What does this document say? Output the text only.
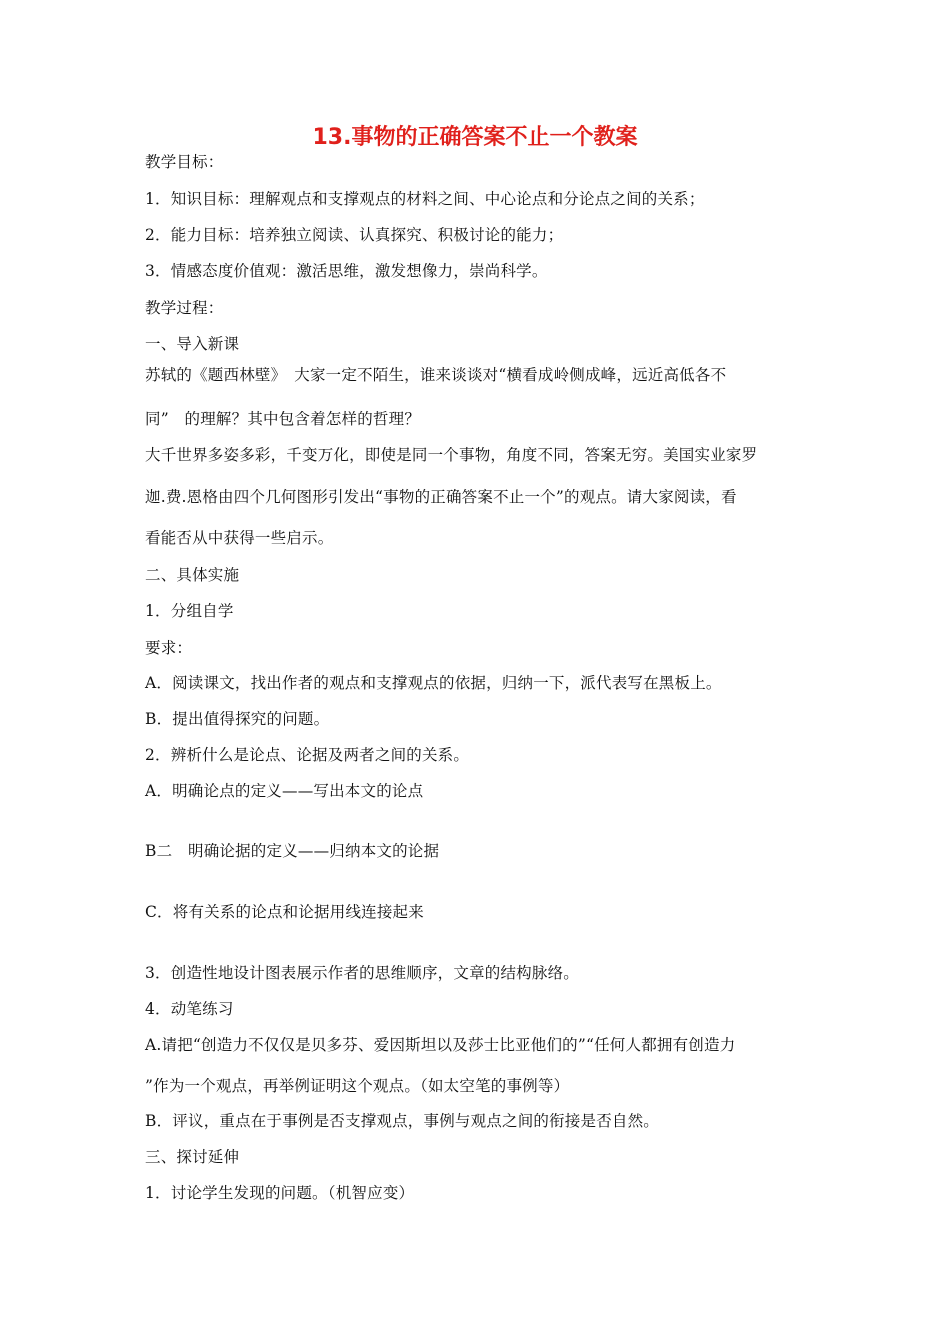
13.事物的正确答案不止一个教案
教学目标：
1．知识目标：理解观点和支撑观点的材料之间、中心论点和分论点之间的关系；
2．能力目标：培养独立阅读、认真探究、积极讨论的能力；
3．情感态度价值观：激活思维，激发想像力，崇尚科学。
教学过程：
一、导入新课
苏轼的《题西林壁》　大家一定不陌生，谁来谈谈对“横看成岭侧成峰，远近高低各不
同”　的理解？其中包含着怎样的哲理？
大千世界多姿多彩，千变万化，即使是同一个事物，角度不同，答案无穷。美国实业家罗
迦.费.恩格由四个几何图形引发出“事物的正确答案不止一个”的观点。请大家阅读，看
看能否从中获得一些启示。
二、具体实施
1．分组自学
要求：
A．阅读课文，找出作者的观点和支撑观点的依据，归纳一下，派代表写在黑板上。
B．提出值得探究的问题。
2．辨析什么是论点、论据及两者之间的关系。
A．明确论点的定义——写出本文的论点
B二　明确论据的定义——归纳本文的论据
C．将有关系的论点和论据用线连接起来
3．创造性地设计图表展示作者的思维顺序，文章的结构脉络。
4．动笔练习
A.请把“创造力不仅仅是贝多芬、爱因斯坦以及莎士比亚他们的”“任何人都拥有创造力
”作为一个观点，再举例证明这个观点。（如太空笔的事例等）
B．评议，重点在于事例是否支撑观点，事例与观点之间的衔接是否自然。
三、探讨延伸
1．讨论学生发现的问题。（机智应变）
